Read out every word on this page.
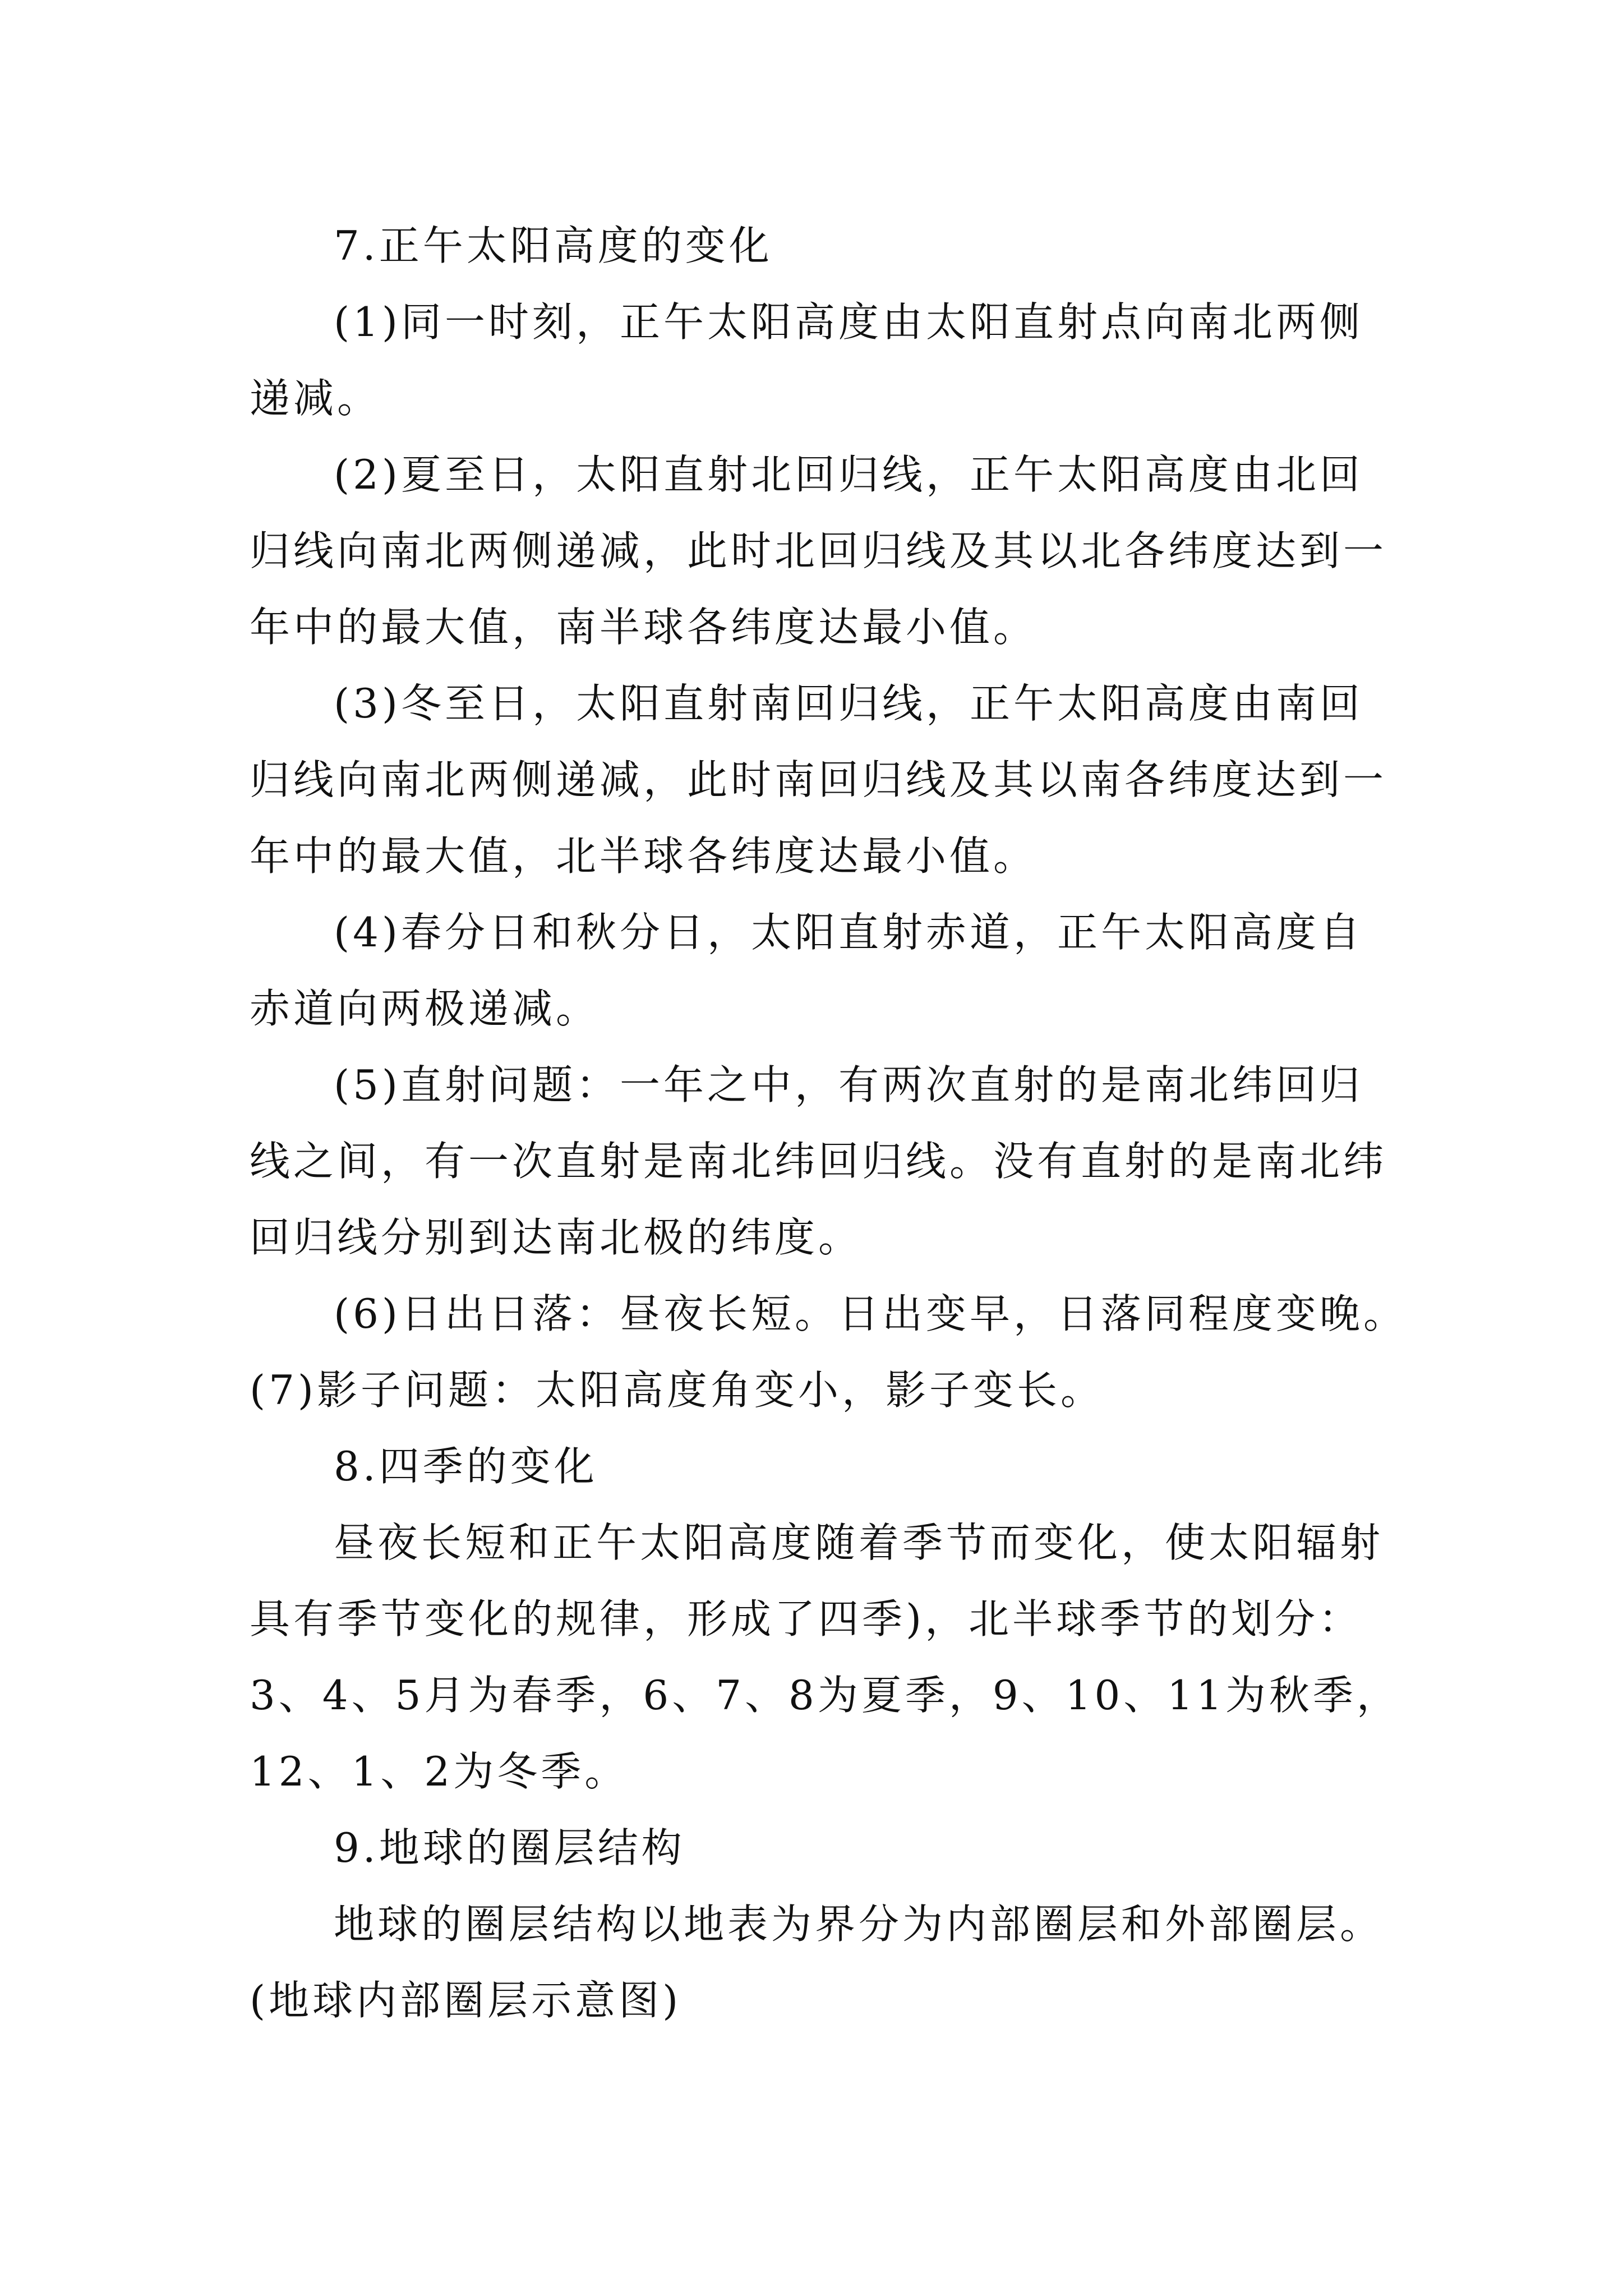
7.正午太阳高度的变化
(1)同一时刻，正午太阳高度由太阳直射点向南北两侧
递减。
(2)夏至日，太阳直射北回归线，正午太阳高度由北回
归线向南北两侧递减，此时北回归线及其以北各纬度达到一
年中的最大值，南半球各纬度达最小值。
(3)冬至日，太阳直射南回归线，正午太阳高度由南回
归线向南北两侧递减，此时南回归线及其以南各纬度达到一
年中的最大值，北半球各纬度达最小值。
(4)春分日和秋分日，太阳直射赤道，正午太阳高度自
赤道向两极递减。
(5)直射问题：一年之中，有两次直射的是南北纬回归
线之间，有一次直射是南北纬回归线。没有直射的是南北纬
回归线分别到达南北极的纬度。
(6)日出日落：昼夜长短。日出变早，日落同程度变晚。
(7)影子问题：太阳高度角变小，影子变长。
8.四季的变化
昼夜长短和正午太阳高度随着季节而变化，使太阳辐射
具有季节变化的规律，形成了四季)，北半球季节的划分：
3、4、5月为春季，6、7、8为夏季，9、10、11为秋季，
12、1、2为冬季。
9.地球的圈层结构
地球的圈层结构以地表为界分为内部圈层和外部圈层。
(地球内部圈层示意图)
